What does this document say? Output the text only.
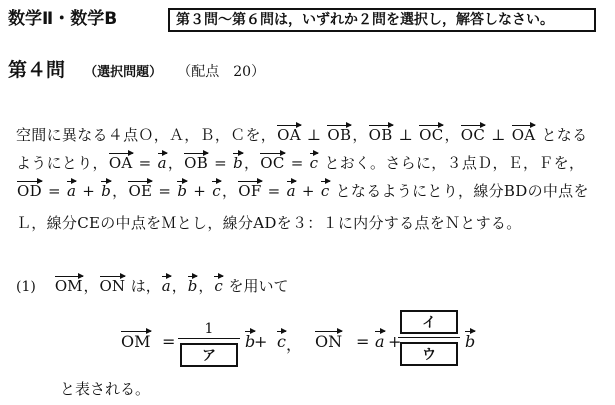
数学Ⅱ・数学B	第３問〜第６問は，いずれか２問を選択し，解答しなさい。
第４問 （選択問題） （配点　20）
空間に異なる４点Ｏ，Ａ，Ｂ，Ｃを，OA ⊥ OB，OB ⊥ OC，OC ⊥ OA となる
ようにとり，OA = a，OB = b，OC = c とおく。さらに，３点Ｄ，Ｅ，Ｆを，
OD = a + b，OE = b + c，OF = a + c となるようにとり，線分BDの中点を
Ｌ，線分CEの中点をＭとし，線分ADを３：１に内分する点をＮとする。
(1) OM，ON は，a，b，c を用いて
OM =
1
ア
b
+ c ， ON = a +
イ
ウ
b
と表される。
